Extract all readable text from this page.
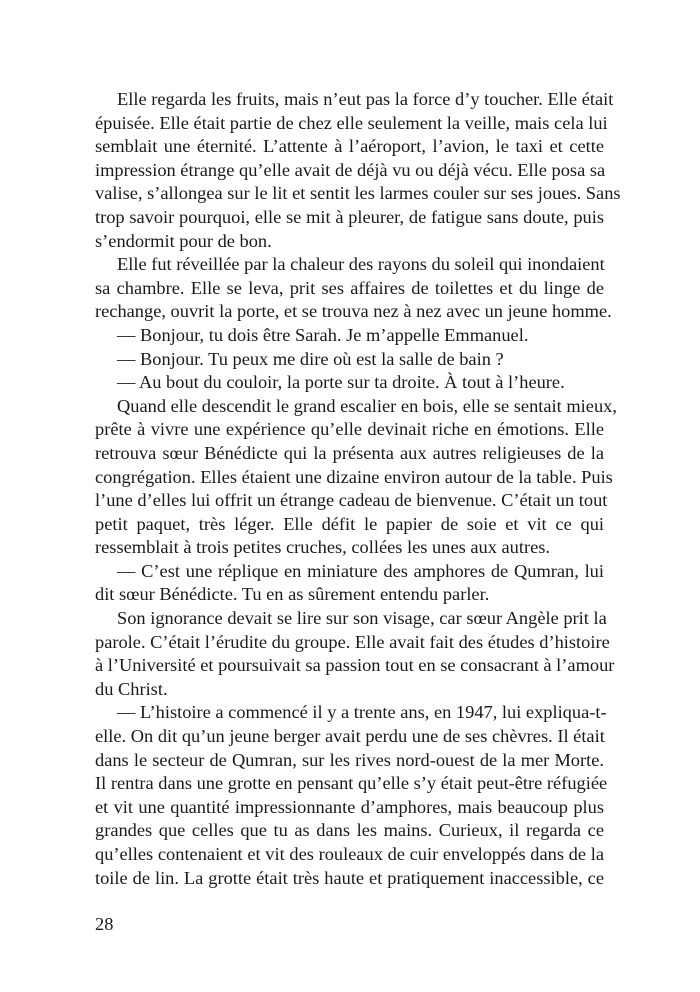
Elle regarda les fruits, mais n’eut pas la force d’y toucher. Elle était
épuisée. Elle était partie de chez elle seulement la veille, mais cela lui
semblait une éternité. L’attente à l’aéroport, l’avion, le taxi et cette
impression étrange qu’elle avait de déjà vu ou déjà vécu. Elle posa sa
valise, s’allongea sur le lit et sentit les larmes couler sur ses joues. Sans
trop savoir pourquoi, elle se mit à pleurer, de fatigue sans doute, puis
s’endormit pour de bon.
Elle fut réveillée par la chaleur des rayons du soleil qui inondaient
sa chambre. Elle se leva, prit ses affaires de toilettes et du linge de
rechange, ouvrit la porte, et se trouva nez à nez avec un jeune homme.
— Bonjour, tu dois être Sarah. Je m’appelle Emmanuel.
— Bonjour. Tu peux me dire où est la salle de bain ?
— Au bout du couloir, la porte sur ta droite. À tout à l’heure.
Quand elle descendit le grand escalier en bois, elle se sentait mieux,
prête à vivre une expérience qu’elle devinait riche en émotions. Elle
retrouva sœur Bénédicte qui la présenta aux autres religieuses de la
congrégation. Elles étaient une dizaine environ autour de la table. Puis
l’une d’elles lui offrit un étrange cadeau de bienvenue. C’était un tout
petit paquet, très léger. Elle défit le papier de soie et vit ce qui
ressemblait à trois petites cruches, collées les unes aux autres.
— C’est une réplique en miniature des amphores de Qumran, lui
dit sœur Bénédicte. Tu en as sûrement entendu parler.
Son ignorance devait se lire sur son visage, car sœur Angèle prit la
parole. C’était l’érudite du groupe. Elle avait fait des études d’histoire
à l’Université et poursuivait sa passion tout en se consacrant à l’amour
du Christ.
— L’histoire a commencé il y a trente ans, en 1947, lui expliqua-t-
elle. On dit qu’un jeune berger avait perdu une de ses chèvres. Il était
dans le secteur de Qumran, sur les rives nord-ouest de la mer Morte.
Il rentra dans une grotte en pensant qu’elle s’y était peut-être réfugiée
et vit une quantité impressionnante d’amphores, mais beaucoup plus
grandes que celles que tu as dans les mains. Curieux, il regarda ce
qu’elles contenaient et vit des rouleaux de cuir enveloppés dans de la
toile de lin. La grotte était très haute et pratiquement inaccessible, ce
28
